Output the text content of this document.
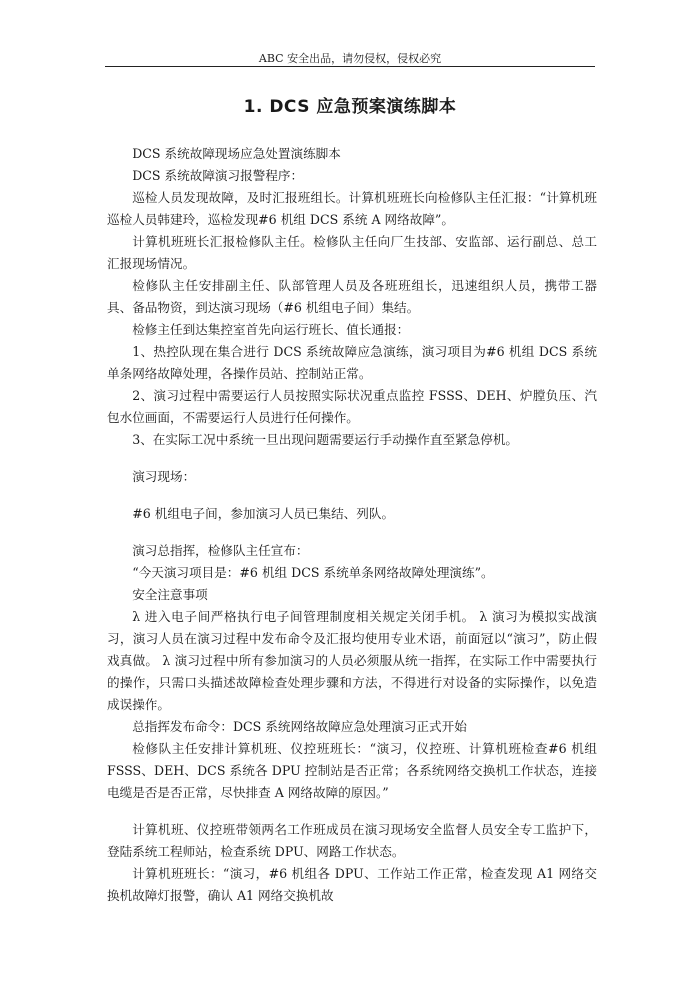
ABC 安全出品，请勿侵权，侵权必究
1. DCS 应急预案演练脚本

DCS 系统故障现场应急处置演练脚本

DCS 系统故障演习报警程序：

巡检人员发现故障，及时汇报班组长。计算机班班长向检修队主任汇报：“计算机班巡检人员韩建玲，巡检发现#6 机组 DCS 系统 A 网络故障”。

计算机班班长汇报检修队主任。检修队主任向厂生技部、安监部、运行副总、总工汇报现场情况。

检修队主任安排副主任、队部管理人员及各班班组长，迅速组织人员，携带工器具、备品物资，到达演习现场（#6 机组电子间）集结。

检修主任到达集控室首先向运行班长、值长通报：

1、热控队现在集合进行 DCS 系统故障应急演练，演习项目为#6 机组 DCS 系统单条网络故障处理，各操作员站、控制站正常。

2、演习过程中需要运行人员按照实际状况重点监控 FSSS、DEH、炉膛负压、汽包水位画面，不需要运行人员进行任何操作。

3、在实际工况中系统一旦出现问题需要运行手动操作直至紧急停机。

演习现场：

#6 机组电子间，参加演习人员已集结、列队。

演习总指挥，检修队主任宣布：

“今天演习项目是：#6 机组 DCS 系统单条网络故障处理演练”。

安全注意事项

λ 进入电子间严格执行电子间管理制度相关规定关闭手机。 λ 演习为模拟实战演习，演习人员在演习过程中发布命令及汇报均使用专业术语，前面冠以“演习”，防止假戏真做。 λ 演习过程中所有参加演习的人员必须服从统一指挥，在实际工作中需要执行的操作，只需口头描述故障检查处理步骤和方法，不得进行对设备的实际操作，以免造成误操作。

总指挥发布命令：DCS 系统网络故障应急处理演习正式开始

检修队主任安排计算机班、仪控班班长：“演习，仪控班、计算机班检查#6 机组 FSSS、DEH、DCS 系统各 DPU 控制站是否正常；各系统网络交换机工作状态，连接电缆是否是否正常，尽快排查 A 网络故障的原因。”

计算机班、仪控班带领两名工作班成员在演习现场安全监督人员安全专工监护下，登陆系统工程师站，检查系统 DPU、网路工作状态。

计算机班班长：“演习，#6 机组各 DPU、工作站工作正常，检查发现 A1 网络交换机故障灯报警，确认 A1 网络交换机故
